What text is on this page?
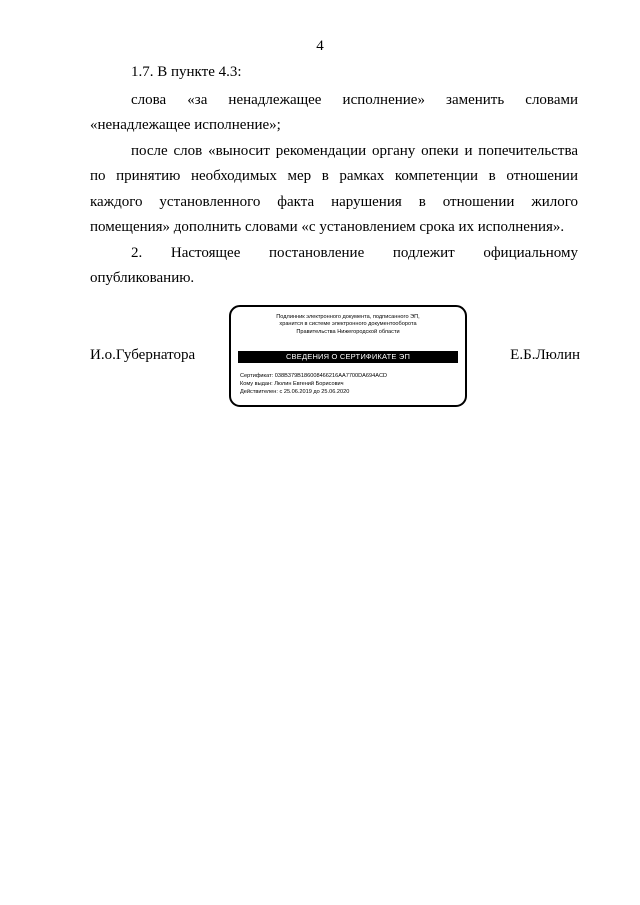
4
1.7. В пункте 4.3:
слова «за ненадлежащее исполнение» заменить словами
«ненадлежащее исполнение»;
после слов «выносит рекомендации органу опеки и попечительства
по принятию необходимых мер в рамках компетенции в отношении
каждого установленного факта нарушения в отношении жилого
помещения» дополнить словами «с установлением срока их исполнения».
2. Настоящее постановление подлежит официальному
опубликованию.
И.о.Губернатора	Е.Б.Люлин
Подлинник электронного документа, подписанного ЭП,
хранится в системе электронного документооборота
Правительства Нижегородской области
СВЕДЕНИЯ О СЕРТИФИКАТЕ ЭП
Сертификат: 038B379B186008466216AA7700DA694ACD
Кому выдан: Люлин Евгений Борисович
Действителен: с 25.06.2019 до 25.06.2020
